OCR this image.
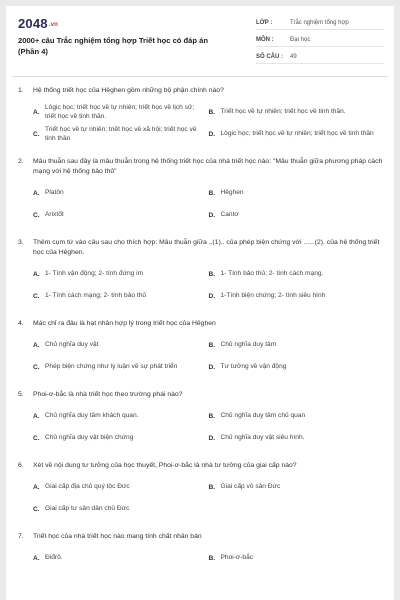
2048.vn
2000+ câu Trắc nghiệm tổng hợp Triết học có đáp án (Phần 4)
LỚP :	Trắc nghiệm tổng hợp
MÔN :	Đại học
SỐ CÂU :	49
1.	Hệ thống triết học của Hêghen gồm những bộ phận chính nào?
A.
Lôgic học; triết học về tự nhiên; triết học về lịch sử; triết học về tinh thần.
B. Triết học về tự nhiên; triết học về tinh thần.
C.
Triết học về tự nhiên; triết học về xã hội; triết học về tinh thần
D. Lôgic học; triết học về tự nhiên; triết học về tinh thần
2.	Mâu thuẫn sau đây là mâu thuẫn trong hệ thống triết học của nhà triết học nào: "Mâu thuẫn giữa phương pháp cách mạng với hệ thống bảo thủ"
A. Platôn	B. Hêghen
C. Arixtốt	D. Cantơ
3.	Thêm cụm từ vào câu sau cho thích hợp: Mâu thuẫn giữa ..(1).. của phép biện chứng với ......(2). của hệ thống triết học của Hêghen.
A. 1- Tính vận động; 2- tính đứng im	B. 1- Tính bảo thủ; 2- tính cách mạng.
C. 1- Tính cách mạng; 2- tính bảo thủ	D. 1-Tính biện chứng; 2- tính siêu hình
4.	Mác chỉ ra đâu là hạt nhân hợp lý trong triết học của Hêghen
A. Chủ nghĩa duy vật	B. Chủ nghĩa duy tâm
C. Phép biện chứng như lý luận về sự phát triển	D. Tư tưởng về vận động
5.	Phoi-ơ-bắc là nhà triết học theo trường phái nào?
A. Chủ nghĩa duy tâm khách quan.	B. Chủ nghĩa duy tâm chủ quan
C. Chủ nghĩa duy vật biện chứng	D. Chủ nghĩa duy vật siêu hình.
6.	Xét về nội dung tư tưởng của học thuyết, Phoi-ơ-bắc là nhà tư tưởng của giai cấp nào?
A. Giai cấp địa chủ quý tộc Đức	B. Giai cấp vô sản Đức
C. Giai cấp tư sản dân chủ Đức
7.	Triết học của nhà triết học nào mang tính chất nhân bản
A. Điđrô.	B. Phoi-ơ-bắc
